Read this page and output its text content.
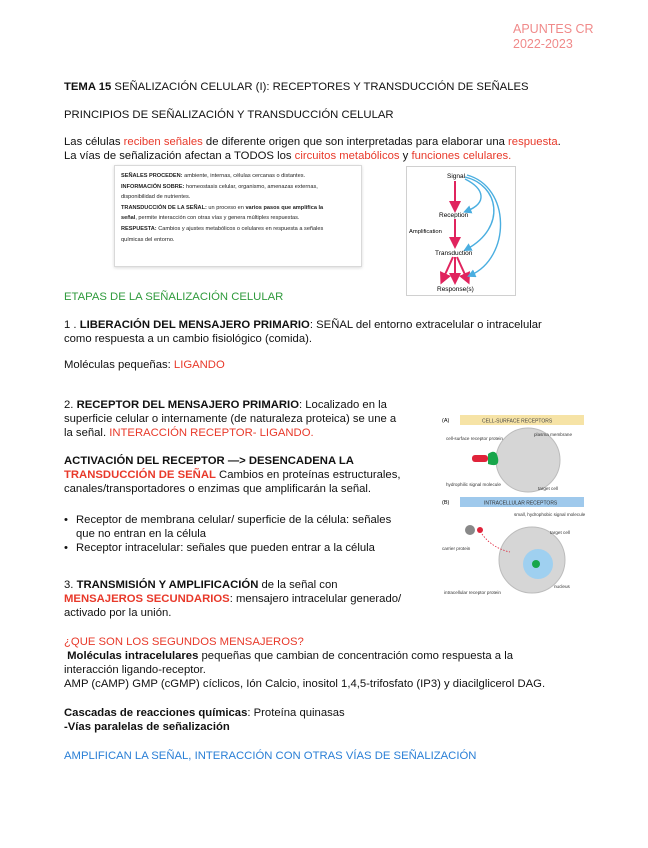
APUNTES CR
2022-2023
TEMA 15 SEÑALIZACIÓN CELULAR (I): RECEPTORES Y TRANSDUCCIÓN DE SEÑALES
PRINCIPIOS DE SEÑALIZACIÓN Y TRANSDUCCIÓN CELULAR
Las células reciben señales de diferente origen que son interpretadas para elaborar una respuesta.
La vías de señalización afectan a TODOS los circuitos metabólicos y funciones celulares.
SEÑALES PROCEDEN: ambiente, internas, células cercanas o distantes.
INFORMACIÓN SOBRE: homeostasis celular, organismo, amenazas externas,
disponibilidad de nutrientes.
TRANSDUCCIÓN DE LA SEÑAL: un proceso en varios pasos que amplifica la
señal, permite interacción con otras vías y genera múltiples respuestas.
RESPUESTA: Cambios y ajustes metabólicos o celulares en respuesta a señales
químicas del entorno.
Signal
Reception
Amplification
Transduction
Response(s)
ETAPAS DE LA SEÑALIZACIÓN CELULAR
1 . LIBERACIÓN DEL MENSAJERO PRIMARIO: SEÑAL del entorno extracelular o intracelular
como respuesta a un cambio fisiológico (comida).
Moléculas pequeñas: LIGANDO
2. RECEPTOR DEL MENSAJERO PRIMARIO: Localizado en la
superficie celular o internamente (de naturaleza proteica) se une a
la señal. INTERACCIÓN RECEPTOR- LIGANDO.
ACTIVACIÓN DEL RECEPTOR —> DESENCADENA LA
TRANSDUCCIÓN DE SEÑAL Cambios en proteínas estructurales,
canales/transportadores o enzimas que amplificarán la señal.
• Receptor de membrana celular/ superficie de la célula: señales
que no entran en la célula
• Receptor intracelular: señales que pueden entrar a la célula
(A)	CELL-SURFACE RECEPTORS
plasma membrane
cell-surface receptor protein
hydrophilic signal molecule
target cell
(B)	INTRACELLULAR RECEPTORS
small, hydrophobic signal molecule
target cell
carrier protein
nucleus
intracellular receptor protein
3. TRANSMISIÓN Y AMPLIFICACIÓN de la señal con
MENSAJEROS SECUNDARIOS: mensajero intracelular generado/
activado por la unión.
¿QUE SON LOS SEGUNDOS MENSAJEROS?
Moléculas intracelulares pequeñas que cambian de concentración como respuesta a la
interacción ligando-receptor.
AMP (cAMP) GMP (cGMP) cíclicos, Ión Calcio, inositol 1,4,5-trifosfato (IP3) y diacilglicerol DAG.
Cascadas de reacciones químicas: Proteína quinasas
-Vías paralelas de señalización
AMPLIFICAN LA SEÑAL, INTERACCIÓN CON OTRAS VÍAS DE SEÑALIZACIÓN
